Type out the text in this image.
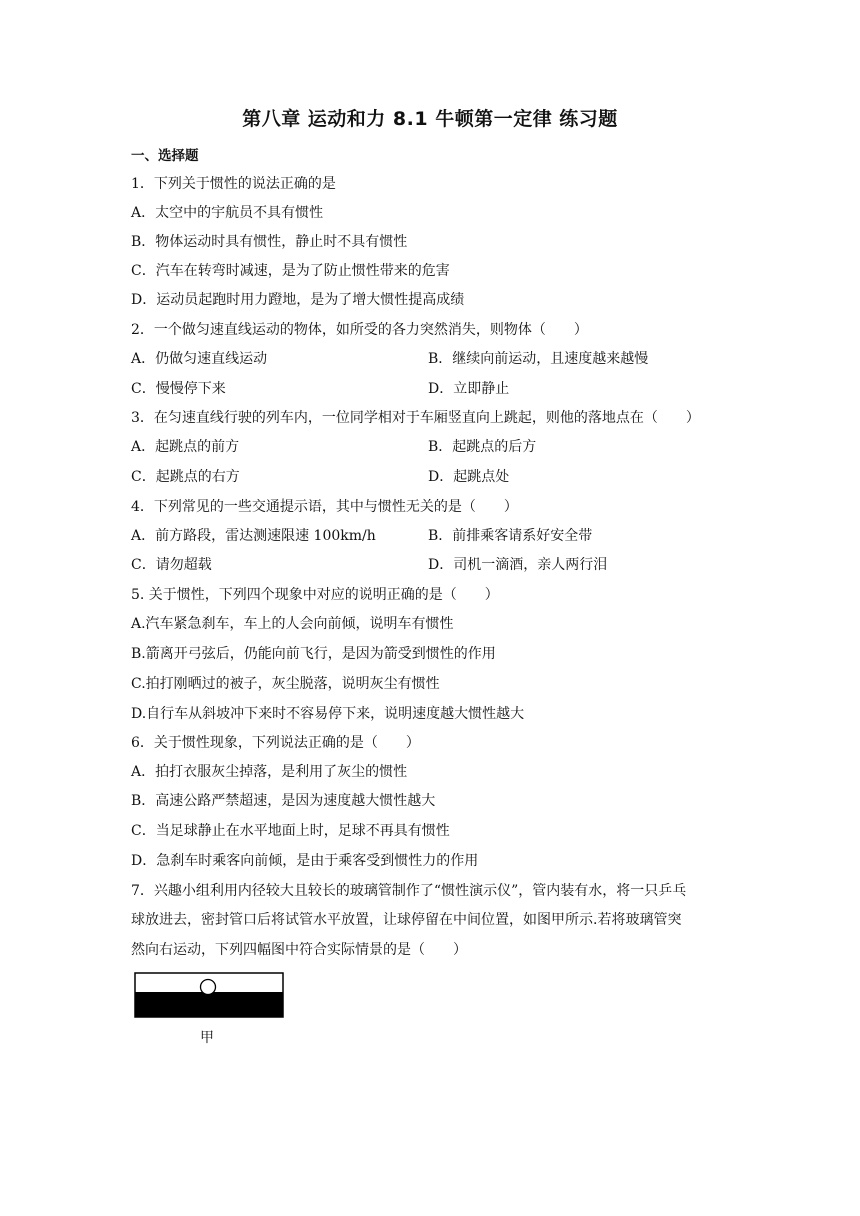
第八章 运动和力 8.1 牛顿第一定律 练习题
一、选择题
1．下列关于惯性的说法正确的是
A．太空中的宇航员不具有惯性
B．物体运动时具有惯性，静止时不具有惯性
C．汽车在转弯时减速，是为了防止惯性带来的危害
D．运动员起跑时用力蹬地，是为了增大惯性提高成绩
2．一个做匀速直线运动的物体，如所受的各力突然消失，则物体（　　）
A．仍做匀速直线运动	B．继续向前运动，且速度越来越慢
C．慢慢停下来	D．立即静止
3．在匀速直线行驶的列车内，一位同学相对于车厢竖直向上跳起，则他的落地点在（　　）
A．起跳点的前方	B．起跳点的后方
C．起跳点的右方	D．起跳点处
4．下列常见的一些交通提示语，其中与惯性无关的是（　　）
A．前方路段，雷达测速限速 100km/h	B．前排乘客请系好安全带
C．请勿超载	D．司机一滴酒，亲人两行泪
5. 关于惯性，下列四个现象中对应的说明正确的是（　　）
A.汽车紧急刹车，车上的人会向前倾，说明车有惯性
B.箭离开弓弦后，仍能向前飞行，是因为箭受到惯性的作用
C.拍打刚晒过的被子，灰尘脱落，说明灰尘有惯性
D.自行车从斜坡冲下来时不容易停下来，说明速度越大惯性越大
6．关于惯性现象，下列说法正确的是（　　）
A．拍打衣服灰尘掉落，是利用了灰尘的惯性
B．高速公路严禁超速，是因为速度越大惯性越大
C．当足球静止在水平地面上时，足球不再具有惯性
D．急刹车时乘客向前倾，是由于乘客受到惯性力的作用
7．兴趣小组利用内径较大且较长的玻璃管制作了“惯性演示仪”，管内装有水，将一只乒乓
球放进去，密封管口后将试管水平放置，让球停留在中间位置，如图甲所示.若将玻璃管突
然向右运动，下列四幅图中符合实际情景的是（　　）
甲
